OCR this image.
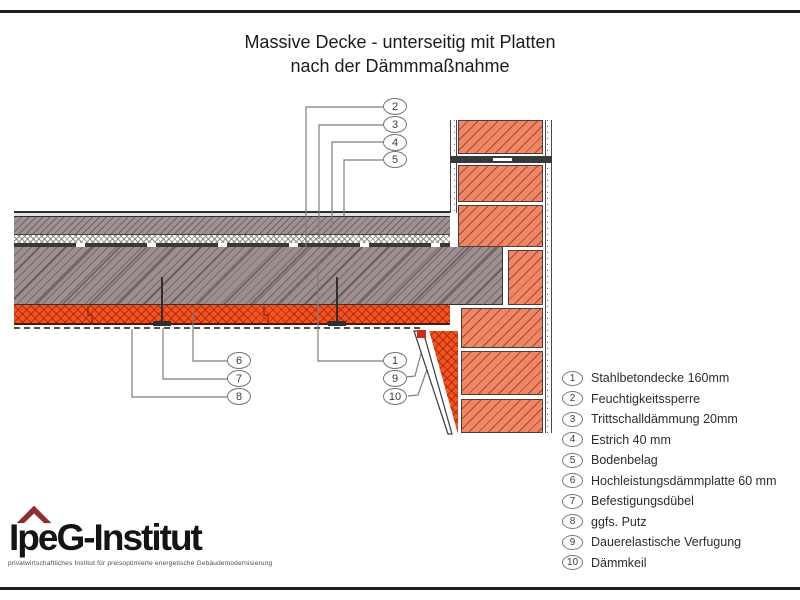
Massive Decke - unterseitig mit Platten
nach der Dämmmaßnahme
2
3
4
5
6
7
8
1
9
10
1	Stahlbetondecke 160mm
2	Feuchtigkeitssperre
3	Trittschalldämmung 20mm
4	Estrich 40 mm
5	Bodenbelag
6	Hochleistungsdämmplatte 60 mm
7	Befestigungsdübel
8	ggfs. Putz
9	Dauerelastische Verfugung
10	Dämmkeil
IpeG-Institut
privatwirtschaftliches Institut für preisoptimierte energetische Gebäudemodernisierung
